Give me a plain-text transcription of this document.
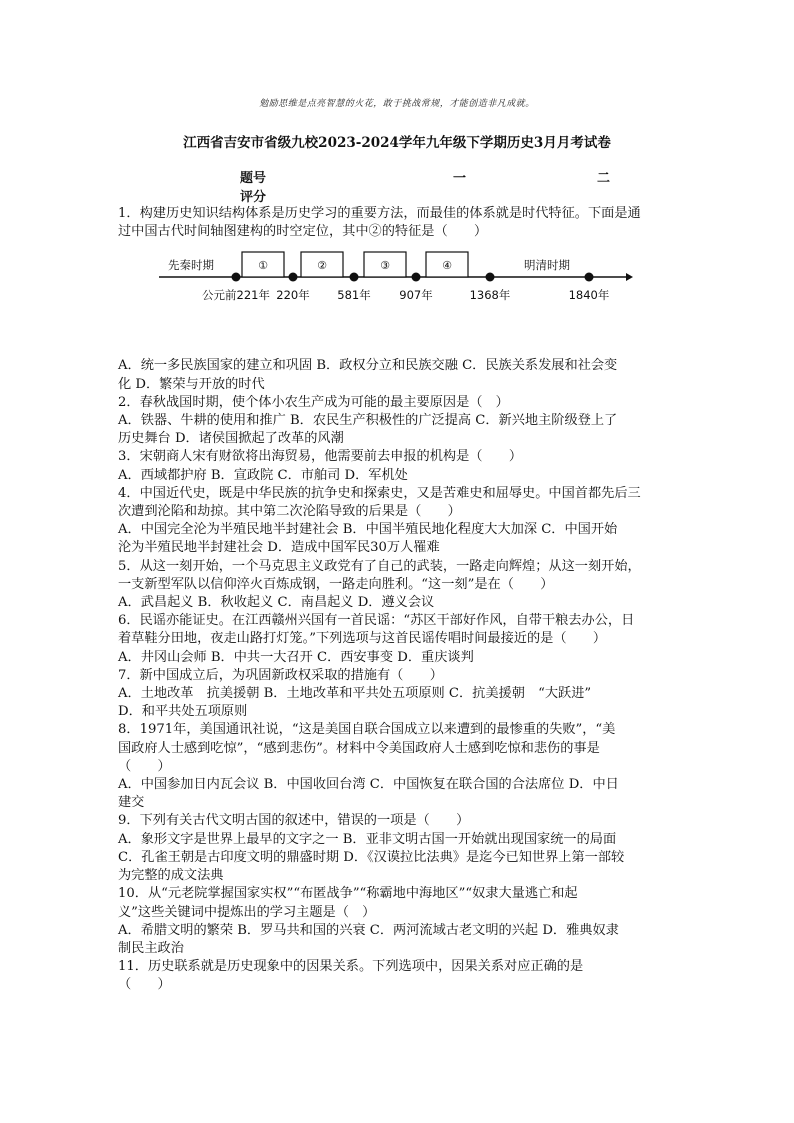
勉励思维是点亮智慧的火花，敢于挑战常规，才能创造非凡成就。
江西省吉安市省级九校2023-2024学年九年级下学期历史3月月考试卷
题号	一	二
评分

1．构建历史知识结构体系是历史学习的重要方法，而最佳的体系就是时代特征。下面是通

过中国古代时间轴图建构的时空定位，其中②的特征是（　　）

先秦时期	明清时期
①	②	③	④
公元前221年 220年 581年 907年	1368年	1840年

A．统一多民族国家的建立和巩固 B．政权分立和民族交融 C．民族关系发展和社会变

化 D．繁荣与开放的时代

2．春秋战国时期，使个体小农生产成为可能的最主要原因是（　）

A．铁器、牛耕的使用和推广 B．农民生产积极性的广泛提高 C．新兴地主阶级登上了

历史舞台 D．诸侯国掀起了改革的风潮

3．宋朝商人宋有财欲将出海贸易，他需要前去申报的机构是（　　）

A．西域都护府 B．宣政院 C．市舶司 D．军机处

4．中国近代史，既是中华民族的抗争史和探索史，又是苦难史和屈辱史。中国首都先后三

次遭到沦陷和劫掠。其中第二次沦陷导致的后果是（　　）

A．中国完全沦为半殖民地半封建社会 B．中国半殖民地化程度大大加深 C．中国开始

沦为半殖民地半封建社会 D．造成中国军民30万人罹难

5．从这一刻开始，一个马克思主义政党有了自己的武装，一路走向辉煌；从这一刻开始，

一支新型军队以信仰淬火百炼成钢，一路走向胜利。“这一刻”是在（　　）

A．武昌起义 B．秋收起义 C．南昌起义 D．遵义会议

6．民谣亦能证史。在江西赣州兴国有一首民谣：“苏区干部好作风，自带干粮去办公，日

着草鞋分田地，夜走山路打灯笼。”下列选项与这首民谣传唱时间最接近的是（　　）

A．井冈山会师 B．中共一大召开 C．西安事变 D．重庆谈判

7．新中国成立后，为巩固新政权采取的措施有（　　）

A．土地改革　抗美援朝 B．土地改革和平共处五项原则 C．抗美援朝　“大跃进”

D．和平共处五项原则

8．1971年，美国通讯社说，“这是美国自联合国成立以来遭到的最惨重的失败”，“美

国政府人士感到吃惊”，“感到悲伤”。材料中令美国政府人士感到吃惊和悲伤的事是

（　　）

A．中国参加日内瓦会议 B．中国收回台湾 C．中国恢复在联合国的合法席位 D．中日

建交

9．下列有关古代文明古国的叙述中，错误的一项是（　　）

A．象形文字是世界上最早的文字之一 B．亚非文明古国一开始就出现国家统一的局面

C．孔雀王朝是古印度文明的鼎盛时期 D．《汉谟拉比法典》是迄今已知世界上第一部较

为完整的成文法典

10．从“元老院掌握国家实权”“布匿战争”“称霸地中海地区”“奴隶大量逃亡和起

义”这些关键词中提炼出的学习主题是（　）

A．希腊文明的繁荣 B．罗马共和国的兴衰 C．两河流域古老文明的兴起 D．雅典奴隶

制民主政治

11．历史联系就是历史现象中的因果关系。下列选项中，因果关系对应正确的是

（　　）
